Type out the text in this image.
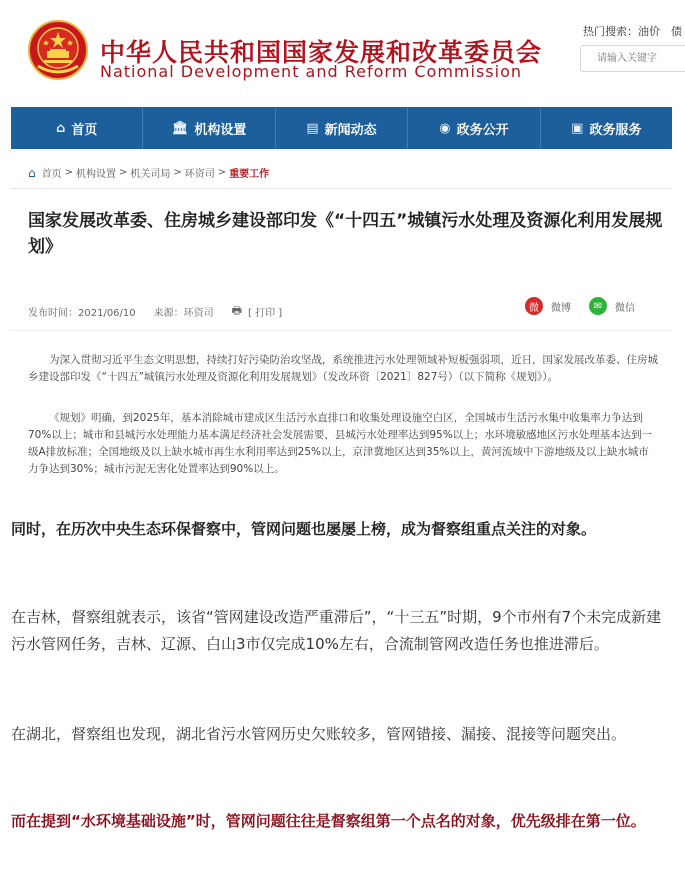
中华人民共和国国家发展和改革委员会
National Development and Reform Commission
热门搜索：油价　债
请输入关键字
⌂ 首页	🏛 机构设置	▤ 新闻动态	◉ 政务公开	▣ 政务服务
⌂ 首页 > 机构设置 > 机关司局 > 环资司 > 重要工作
国家发展改革委、住房城乡建设部印发《“十四五”城镇污水处理及资源化利用发展规划》
发布时间：2021/06/10 来源：环资司 🖶 [ 打印 ]	微	微博	✉	微信

为深入贯彻习近平生态文明思想，持续打好污染防治攻坚战，系统推进污水处理领域补短板强弱项，近日，国家发展改革委、住房城乡建设部印发《“十四五”城镇污水处理及资源化利用发展规划》（发改环资〔2021〕827号）（以下简称《规划》）。

《规划》明确，到2025年，基本消除城市建成区生活污水直排口和收集处理设施空白区，全国城市生活污水集中收集率力争达到70%以上；城市和县城污水处理能力基本满足经济社会发展需要，县城污水处理率达到95%以上；水环境敏感地区污水处理基本达到一级A排放标准；全国地级及以上缺水城市再生水利用率达到25%以上，京津冀地区达到35%以上，黄河流域中下游地级及以上缺水城市力争达到30%；城市污泥无害化处置率达到90%以上。

同时，在历次中央生态环保督察中，管网问题也屡屡上榜，成为督察组重点关注的对象。

在吉林，督察组就表示，该省“管网建设改造严重滞后”，“十三五”时期，9个市州有7个未完成新建污水管网任务，吉林、辽源、白山3市仅完成10%左右，合流制管网改造任务也推进滞后。

在湖北，督察组也发现，湖北省污水管网历史欠账较多，管网错接、漏接、混接等问题突出。

而在提到“水环境基础设施”时，管网问题往往是督察组第一个点名的对象，优先级排在第一位。
